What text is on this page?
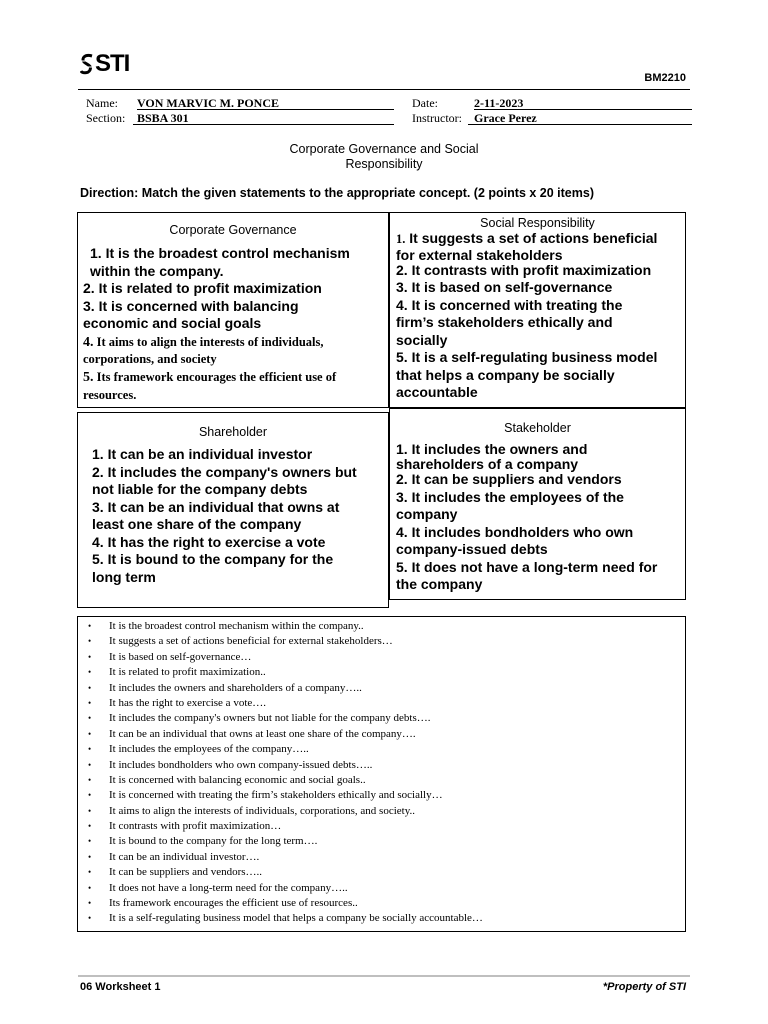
STI
BM2210
Name: VON MARVIC M. PONCE
Section: BSBA 301
Date:	2-11-2023
Instructor: Grace Perez
Corporate Governance and Social
Responsibility
Direction: Match the given statements to the appropriate concept. (2 points x 20 items)
Corporate Governance
1. It is the broadest control mechanism
within the company.
2. It is related to profit maximization
3. It is concerned with balancing
economic and social goals
4. It aims to align the interests of individuals,
corporations, and society
5. Its framework encourages the efficient use of
resources.
Social Responsibility
1. It suggests a set of actions beneficial
for external stakeholders
2. It contrasts with profit maximization
3. It is based on self-governance
4. It is concerned with treating the
firm’s stakeholders ethically and
socially
5. It is a self-regulating business model
that helps a company be socially
accountable
Shareholder
1. It can be an individual investor
2. It includes the company's owners but
not liable for the company debts
3. It can be an individual that owns at
least one share of the company
4. It has the right to exercise a vote
5. It is bound to the company for the
long term
Stakeholder
1. It includes the owners and
shareholders of a company
2. It can be suppliers and vendors
3. It includes the employees of the
company
4. It includes bondholders who own
company-issued debts
5. It does not have a long-term need for
the company
• It is the broadest control mechanism within the company..
• It suggests a set of actions beneficial for external stakeholders…
• It is based on self-governance…
• It is related to profit maximization..
• It includes the owners and shareholders of a company…..
• It has the right to exercise a vote….
• It includes the company's owners but not liable for the company debts….
• It can be an individual that owns at least one share of the company….
• It includes the employees of the company…..
• It includes bondholders who own company-issued debts…..
• It is concerned with balancing economic and social goals..
• It is concerned with treating the firm’s stakeholders ethically and socially…
• It aims to align the interests of individuals, corporations, and society..
• It contrasts with profit maximization…
• It is bound to the company for the long term….
• It can be an individual investor….
• It can be suppliers and vendors…..
• It does not have a long-term need for the company…..
• Its framework encourages the efficient use of resources..
• It is a self-regulating business model that helps a company be socially accountable…
06 Worksheet 1	*Property of STI
